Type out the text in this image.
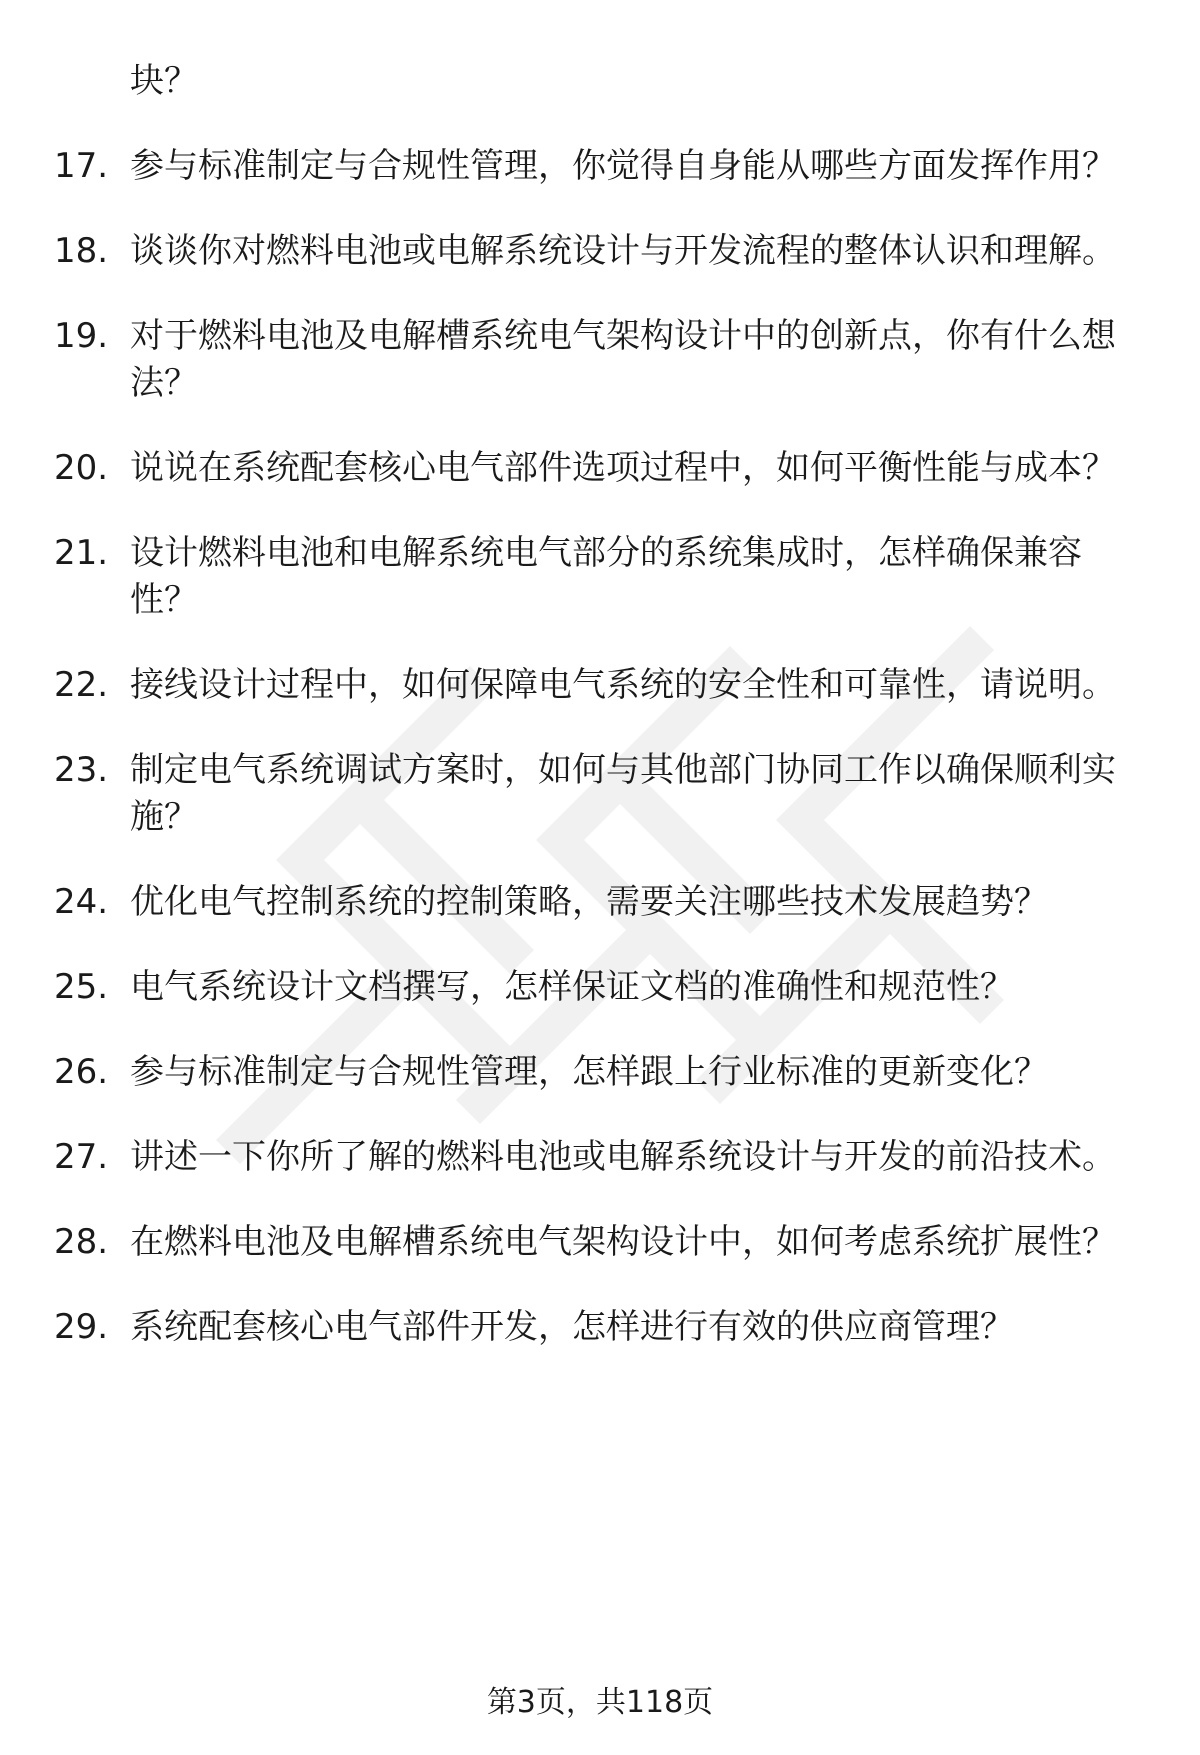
块？

17. 参与标准制定与合规性管理，你觉得自身能从哪些方面发挥作用？
18. 谈谈你对燃料电池或电解系统设计与开发流程的整体认识和理解。
19. 对于燃料电池及电解槽系统电气架构设计中的创新点，你有什么想法？
20. 说说在系统配套核心电气部件选项过程中，如何平衡性能与成本？
21. 设计燃料电池和电解系统电气部分的系统集成时，怎样确保兼容性？
22. 接线设计过程中，如何保障电气系统的安全性和可靠性，请说明。
23. 制定电气系统调试方案时，如何与其他部门协同工作以确保顺利实施？
24. 优化电气控制系统的控制策略，需要关注哪些技术发展趋势？
25. 电气系统设计文档撰写，怎样保证文档的准确性和规范性？
26. 参与标准制定与合规性管理，怎样跟上行业标准的更新变化？
27. 讲述一下你所了解的燃料电池或电解系统设计与开发的前沿技术。
28. 在燃料电池及电解槽系统电气架构设计中，如何考虑系统扩展性？
29. 系统配套核心电气部件开发，怎样进行有效的供应商管理？

第3页，共118页
